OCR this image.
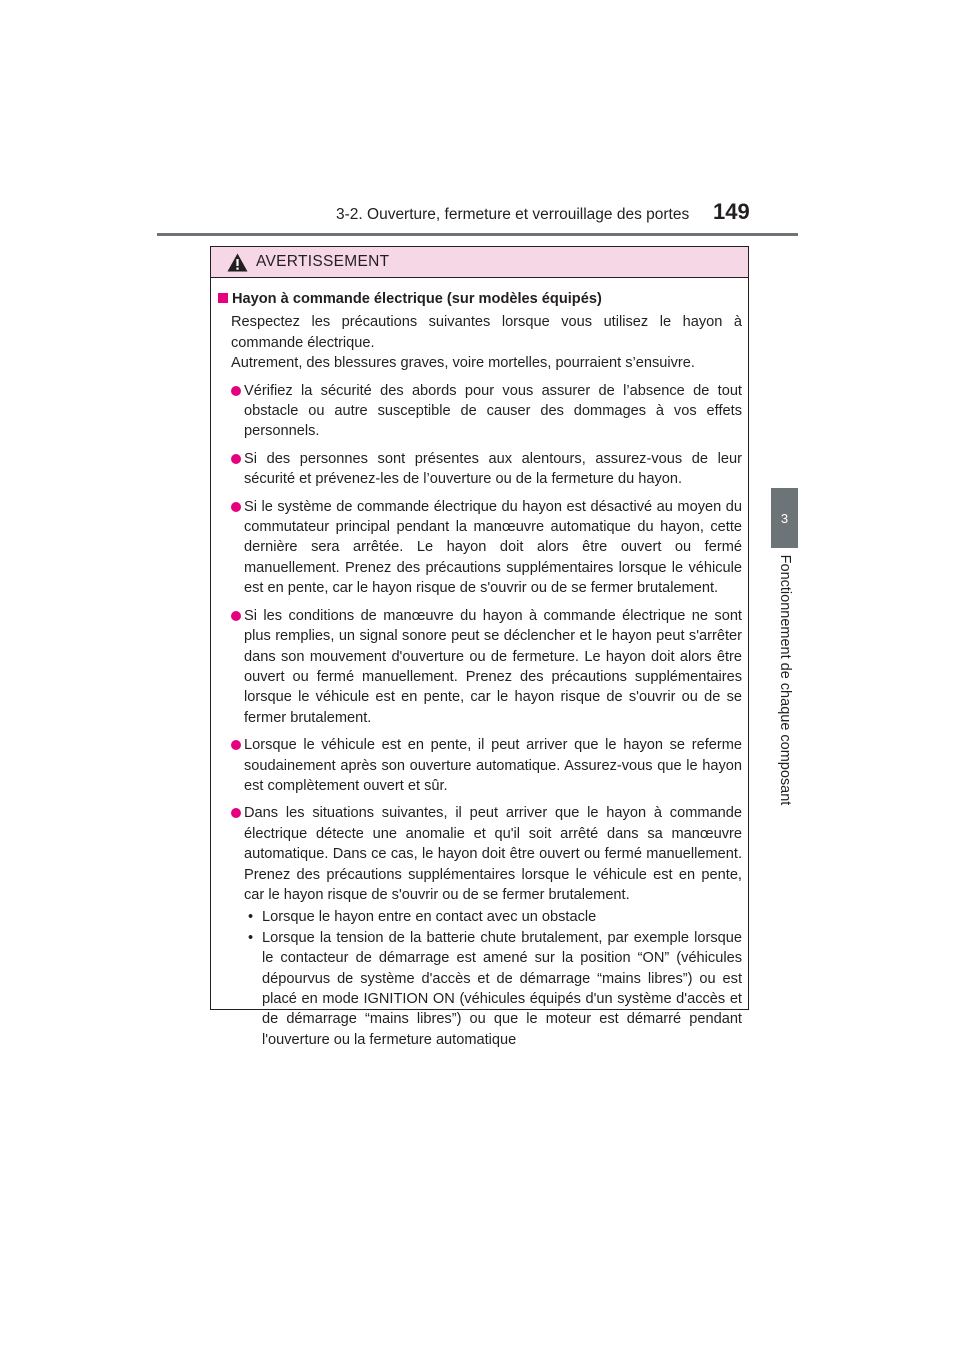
3-2. Ouverture, fermeture et verrouillage des portes 149
3
Fonctionnement de chaque composant
AVERTISSEMENT
Hayon à commande électrique (sur modèles équipés)

Respectez les précautions suivantes lorsque vous utilisez le hayon à commande électrique.

Autrement, des blessures graves, voire mortelles, pourraient s’ensuivre.

Vérifiez la sécurité des abords pour vous assurer de l’absence de tout obstacle ou autre susceptible de causer des dommages à vos effets personnels.
Si des personnes sont présentes aux alentours, assurez-vous de leur sécurité et prévenez-les de l’ouverture ou de la fermeture du hayon.
Si le système de commande électrique du hayon est désactivé au moyen du commutateur principal pendant la manœuvre automatique du hayon, cette dernière sera arrêtée. Le hayon doit alors être ouvert ou fermé manuellement. Prenez des précautions supplémentaires lorsque le véhicule est en pente, car le hayon risque de s'ouvrir ou de se fermer brutalement.
Si les conditions de manœuvre du hayon à commande électrique ne sont plus remplies, un signal sonore peut se déclencher et le hayon peut s'arrêter dans son mouvement d'ouverture ou de fermeture. Le hayon doit alors être ouvert ou fermé manuellement. Prenez des précautions supplémentaires lorsque le véhicule est en pente, car le hayon risque de s'ouvrir ou de se fermer brutalement.
Lorsque le véhicule est en pente, il peut arriver que le hayon se referme soudainement après son ouverture automatique. Assurez-vous que le hayon est complètement ouvert et sûr.
Dans les situations suivantes, il peut arriver que le hayon à commande électrique détecte une anomalie et qu'il soit arrêté dans sa manœuvre automatique. Dans ce cas, le hayon doit être ouvert ou fermé manuellement. Prenez des précautions supplémentaires lorsque le véhicule est en pente, car le hayon risque de s'ouvrir ou de se fermer brutalement.
• Lorsque le hayon entre en contact avec un obstacle
• Lorsque la tension de la batterie chute brutalement, par exemple lorsque le contacteur de démarrage est amené sur la position “ON” (véhicules dépourvus de système d'accès et de démarrage “mains libres”) ou est placé en mode IGNITION ON (véhicules équipés d'un système d'accès et de démarrage “mains libres”) ou que le moteur est démarré pendant l'ouverture ou la fermeture automatique
